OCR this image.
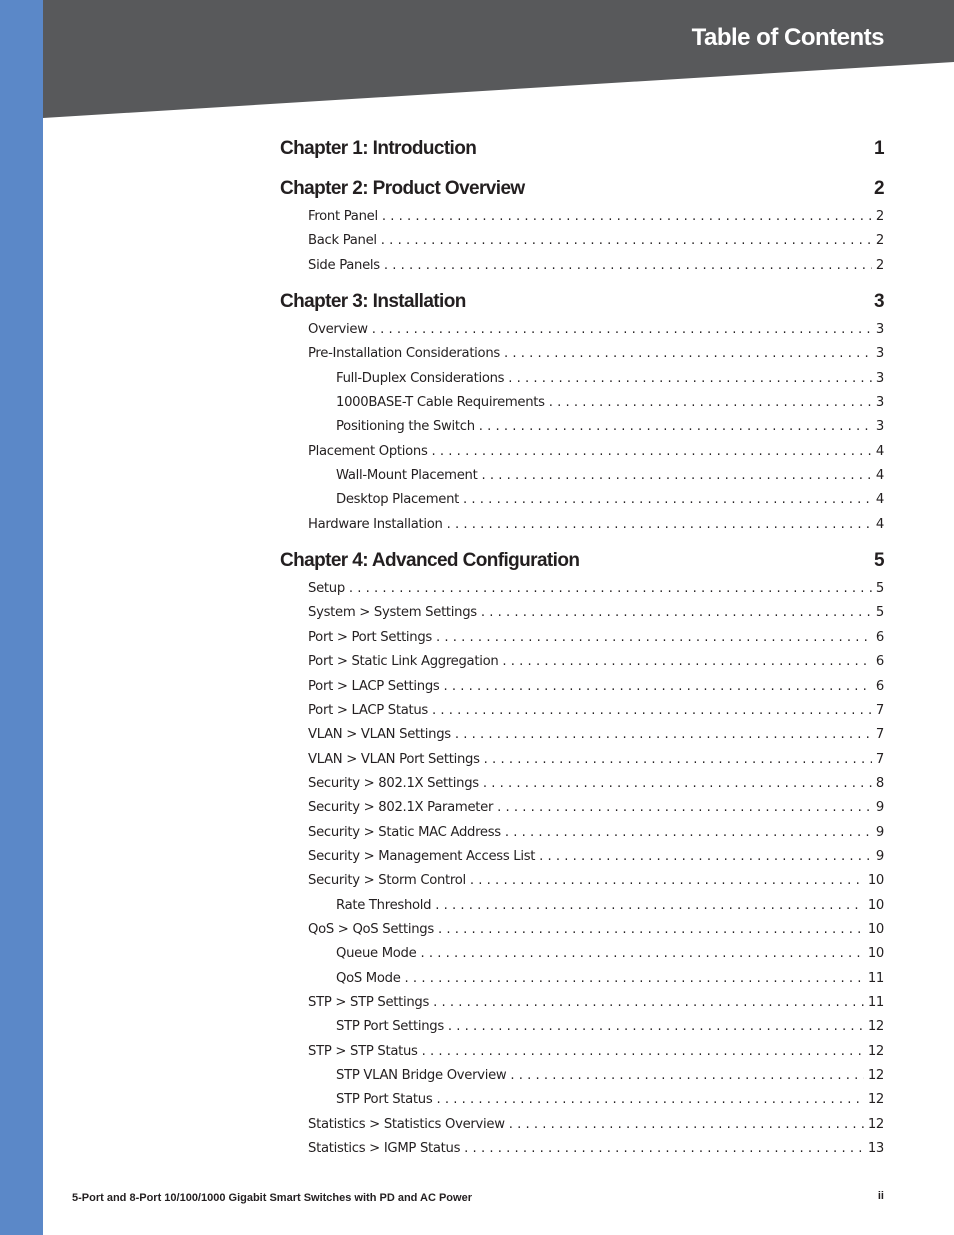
Table of Contents
Chapter 1: Introduction	1
Chapter 2: Product Overview	2
Front Panel . . .	2
Back Panel . . .	2
Side Panels . . .	2
Chapter 3: Installation	3
Overview . . .	3
Pre-Installation Considerations . . .	3
Full-Duplex Considerations . . .	3
1000BASE-T Cable Requirements . . .	3
Positioning the Switch . . .	3
Placement Options . . .	4
Wall-Mount Placement . . .	4
Desktop Placement . . .	4
Hardware Installation . . .	4
Chapter 4: Advanced Configuration	5
Setup . . .	5
System > System Settings . . .	5
Port > Port Settings . . .	6
Port > Static Link Aggregation . . .	6
Port > LACP Settings . . .	6
Port > LACP Status . . .	7
VLAN > VLAN Settings . . .	7
VLAN > VLAN Port Settings . . .	7
Security > 802.1X Settings . . .	8
Security > 802.1X Parameter . . .	9
Security > Static MAC Address . . .	9
Security > Management Access List . . .	9
Security > Storm Control . . .	10
Rate Threshold . . .	10
QoS > QoS Settings . . .	10
Queue Mode . . .	10
QoS Mode . . .	11
STP > STP Settings . . .	11
STP Port Settings . . .	12
STP > STP Status . . .	12
STP VLAN Bridge Overview . . .	12
STP Port Status . . .	12
Statistics > Statistics Overview . . .	12
Statistics > IGMP Status . . .	13
5-Port and 8-Port 10/100/1000 Gigabit Smart Switches with PD and AC Power	ii
